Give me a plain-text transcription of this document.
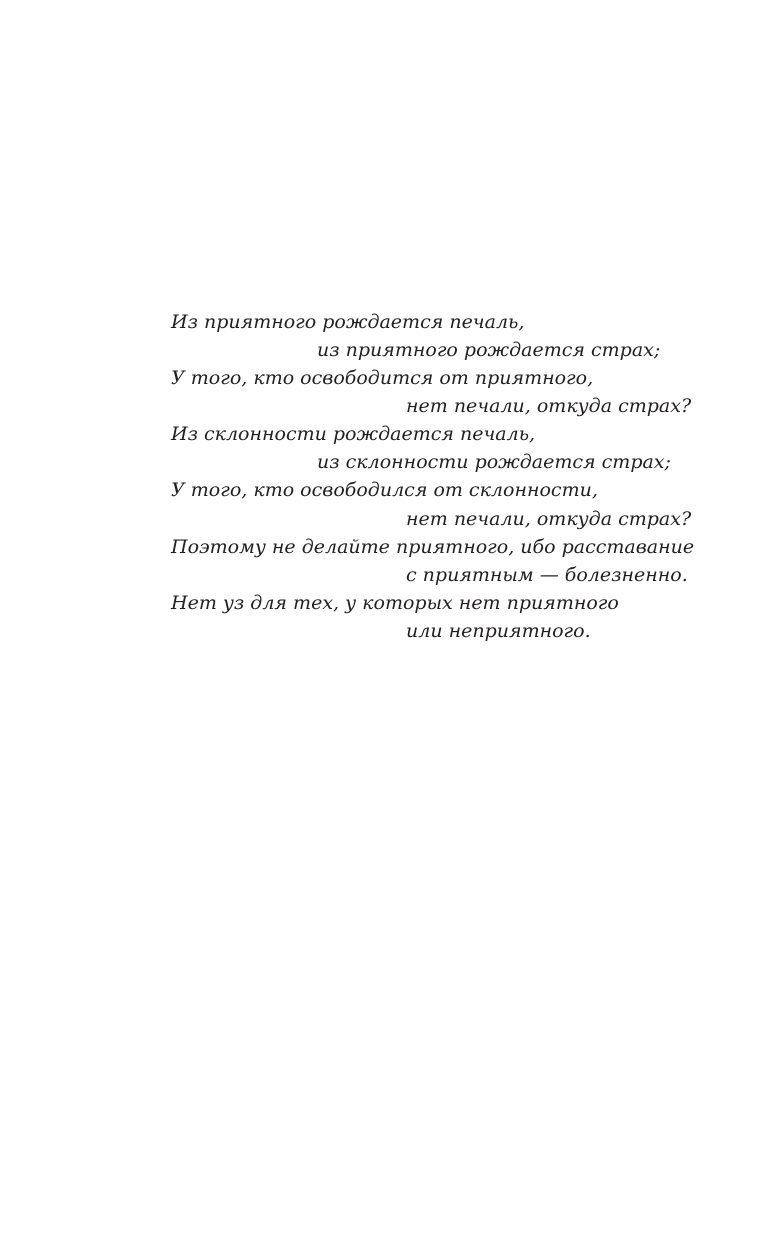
Из приятного рождается печаль,

из приятного рождается страх;

У того, кто освободится от приятного,

нет печали, откуда страх?

Из склонности рождается печаль,

из склонности рождается страх;

У того, кто освободился от склонности,

нет печали, откуда страх?

Поэтому не делайте приятного, ибо расставание

с приятным — болезненно.

Нет уз для тех, у которых нет приятного

или неприятного.
